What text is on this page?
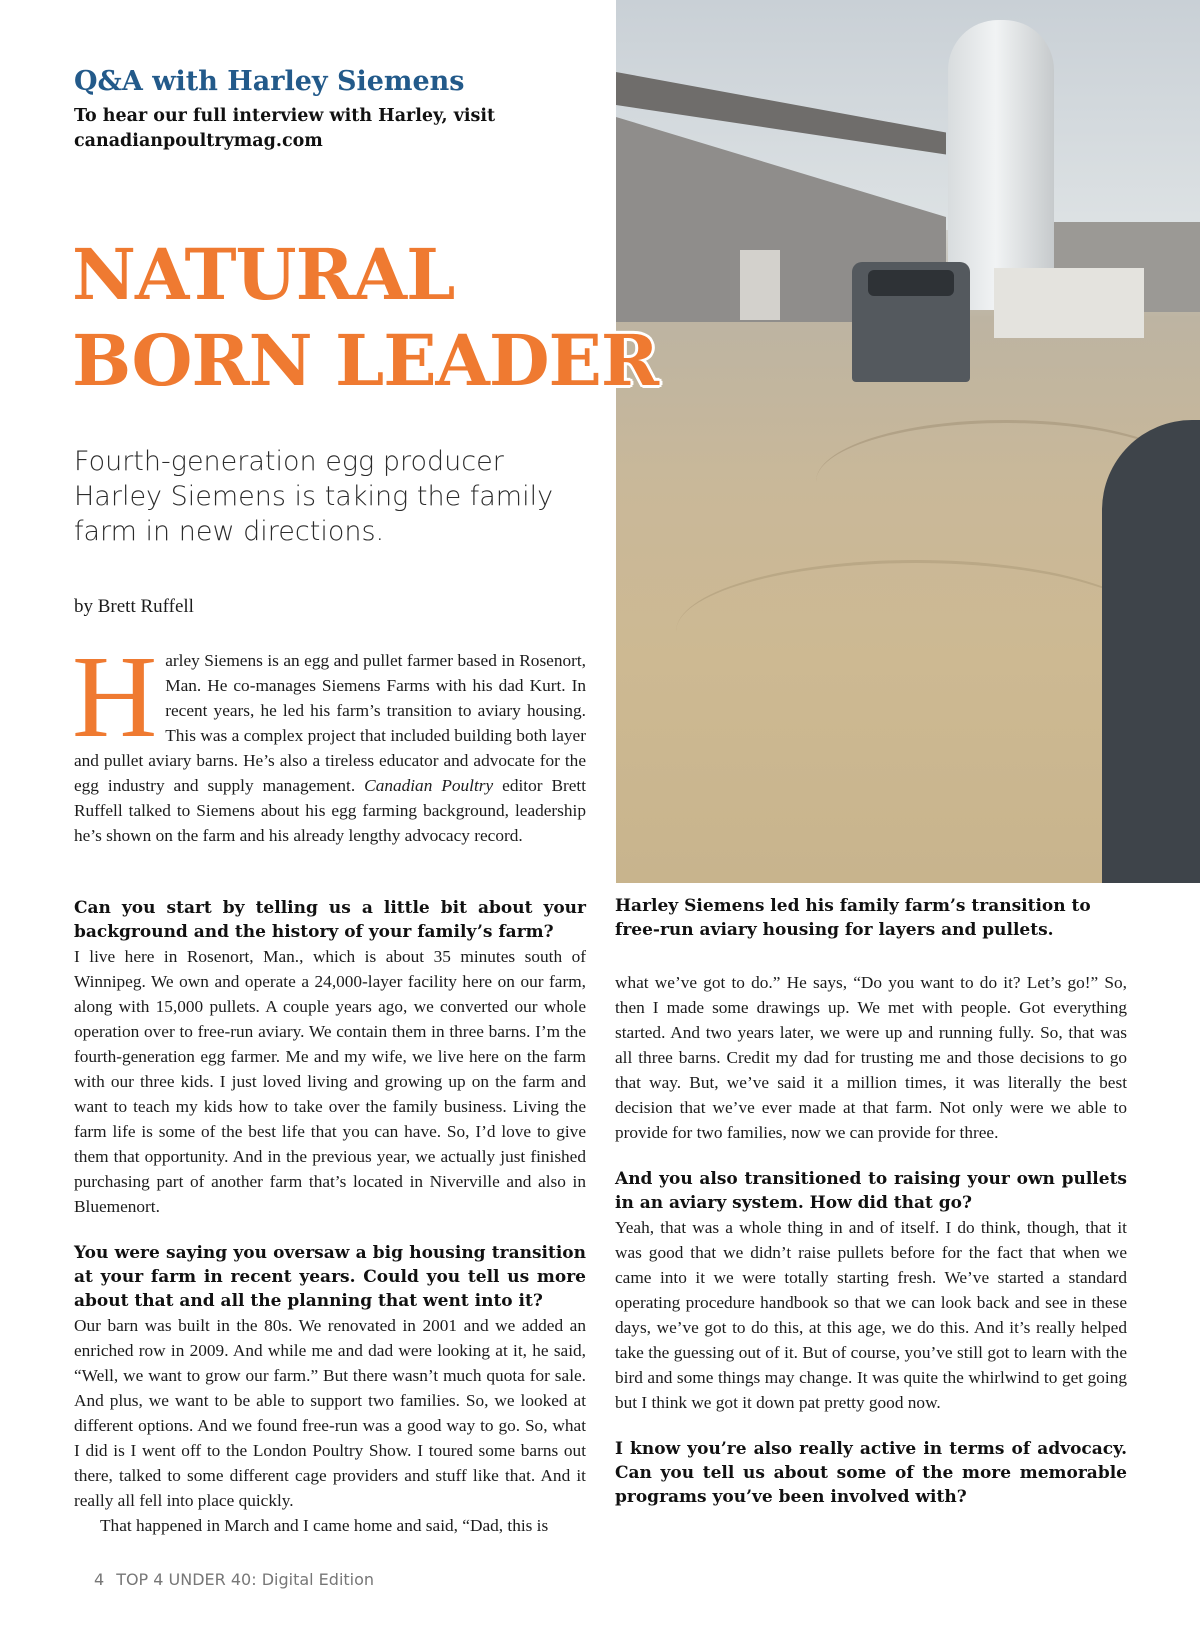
Q&A with Harley Siemens

To hear our full interview with Harley, visit canadianpoultrymag.com

NATURAL
BORN LEADER

Fourth-generation egg producer Harley Siemens is taking the family farm in new directions.

by Brett Ruffell

Harley Siemens is an egg and pullet farmer based in Rosenort, Man. He co-manages Siemens Farms with his dad Kurt. In recent years, he led his farm’s transition to aviary housing. This was a complex project that included building both layer and pullet aviary barns. He’s also a tireless educator and advocate for the egg industry and supply management. Canadian Poultry editor Brett Ruffell talked to Siemens about his egg farming background, leadership he’s shown on the farm and his already lengthy advocacy record.

Can you start by telling us a little bit about your background and the history of your family’s farm?

I live here in Rosenort, Man., which is about 35 minutes south of Winnipeg. We own and operate a 24,000-layer facility here on our farm, along with 15,000 pullets. A couple years ago, we converted our whole operation over to free-run aviary. We contain them in three barns. I’m the fourth-generation egg farmer. Me and my wife, we live here on the farm with our three kids. I just loved living and growing up on the farm and want to teach my kids how to take over the family business. Living the farm life is some of the best life that you can have. So, I’d love to give them that opportunity. And in the previous year, we actually just finished purchasing part of another farm that’s located in Niverville and also in Bluemenort.

You were saying you oversaw a big housing transition at your farm in recent years. Could you tell us more about that and all the planning that went into it?

Our barn was built in the 80s. We renovated in 2001 and we added an enriched row in 2009. And while me and dad were looking at it, he said, “Well, we want to grow our farm.” But there wasn’t much quota for sale. And plus, we want to be able to support two families. So, we looked at different options. And we found free-run was a good way to go. So, what I did is I went off to the London Poultry Show. I toured some barns out there, talked to some different cage providers and stuff like that. And it really all fell into place quickly.

That happened in March and I came home and said, “Dad, this is

Harley Siemens led his family farm’s transition to free-run aviary housing for layers and pullets.

what we’ve got to do.” He says, “Do you want to do it? Let’s go!” So, then I made some drawings up. We met with people. Got everything started. And two years later, we were up and running fully. So, that was all three barns. Credit my dad for trusting me and those decisions to go that way. But, we’ve said it a million times, it was literally the best decision that we’ve ever made at that farm. Not only were we able to provide for two families, now we can provide for three.

And you also transitioned to raising your own pullets in an aviary system. How did that go?

Yeah, that was a whole thing in and of itself. I do think, though, that it was good that we didn’t raise pullets before for the fact that when we came into it we were totally starting fresh. We’ve started a standard operating procedure handbook so that we can look back and see in these days, we’ve got to do this, at this age, we do this. And it’s really helped take the guessing out of it. But of course, you’ve still got to learn with the bird and some things may change. It was quite the whirlwind to get going but I think we got it down pat pretty good now.

I know you’re also really active in terms of advocacy. Can you tell us about some of the more memorable programs you’ve been involved with?

4 TOP 4 UNDER 40: Digital Edition
